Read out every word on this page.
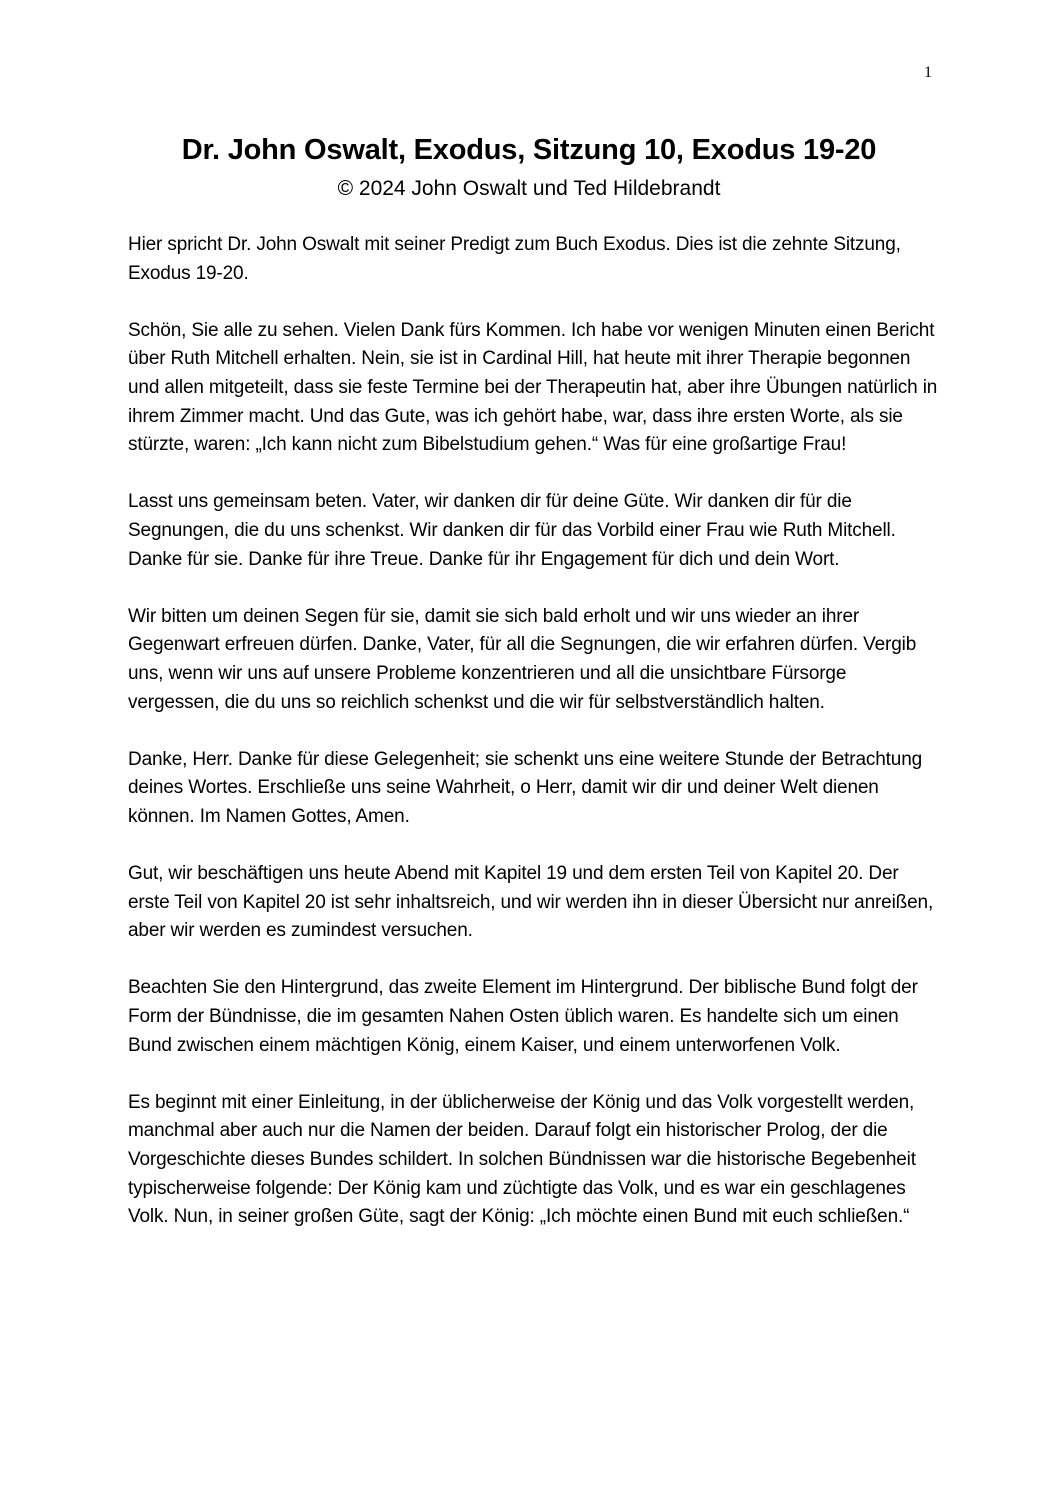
1
Dr. John Oswalt, Exodus, Sitzung 10, Exodus 19-20
© 2024 John Oswalt und Ted Hildebrandt

Hier spricht Dr. John Oswalt mit seiner Predigt zum Buch Exodus. Dies ist die zehnte Sitzung, Exodus 19-20.

Schön, Sie alle zu sehen. Vielen Dank fürs Kommen. Ich habe vor wenigen Minuten einen Bericht über Ruth Mitchell erhalten. Nein, sie ist in Cardinal Hill, hat heute mit ihrer Therapie begonnen und allen mitgeteilt, dass sie feste Termine bei der Therapeutin hat, aber ihre Übungen natürlich in ihrem Zimmer macht. Und das Gute, was ich gehört habe, war, dass ihre ersten Worte, als sie stürzte, waren: „Ich kann nicht zum Bibelstudium gehen.“ Was für eine großartige Frau!

Lasst uns gemeinsam beten. Vater, wir danken dir für deine Güte. Wir danken dir für die Segnungen, die du uns schenkst. Wir danken dir für das Vorbild einer Frau wie Ruth Mitchell. Danke für sie. Danke für ihre Treue. Danke für ihr Engagement für dich und dein Wort.

Wir bitten um deinen Segen für sie, damit sie sich bald erholt und wir uns wieder an ihrer Gegenwart erfreuen dürfen. Danke, Vater, für all die Segnungen, die wir erfahren dürfen. Vergib uns, wenn wir uns auf unsere Probleme konzentrieren und all die unsichtbare Fürsorge vergessen, die du uns so reichlich schenkst und die wir für selbstverständlich halten.

Danke, Herr. Danke für diese Gelegenheit; sie schenkt uns eine weitere Stunde der Betrachtung deines Wortes. Erschließe uns seine Wahrheit, o Herr, damit wir dir und deiner Welt dienen können. Im Namen Gottes, Amen.

Gut, wir beschäftigen uns heute Abend mit Kapitel 19 und dem ersten Teil von Kapitel 20. Der erste Teil von Kapitel 20 ist sehr inhaltsreich, und wir werden ihn in dieser Übersicht nur anreißen, aber wir werden es zumindest versuchen.

Beachten Sie den Hintergrund, das zweite Element im Hintergrund. Der biblische Bund folgt der Form der Bündnisse, die im gesamten Nahen Osten üblich waren. Es handelte sich um einen Bund zwischen einem mächtigen König, einem Kaiser, und einem unterworfenen Volk.

Es beginnt mit einer Einleitung, in der üblicherweise der König und das Volk vorgestellt werden, manchmal aber auch nur die Namen der beiden. Darauf folgt ein historischer Prolog, der die Vorgeschichte dieses Bundes schildert. In solchen Bündnissen war die historische Begebenheit typischerweise folgende: Der König kam und züchtigte das Volk, und es war ein geschlagenes Volk. Nun, in seiner großen Güte, sagt der König: „Ich möchte einen Bund mit euch schließen.“
